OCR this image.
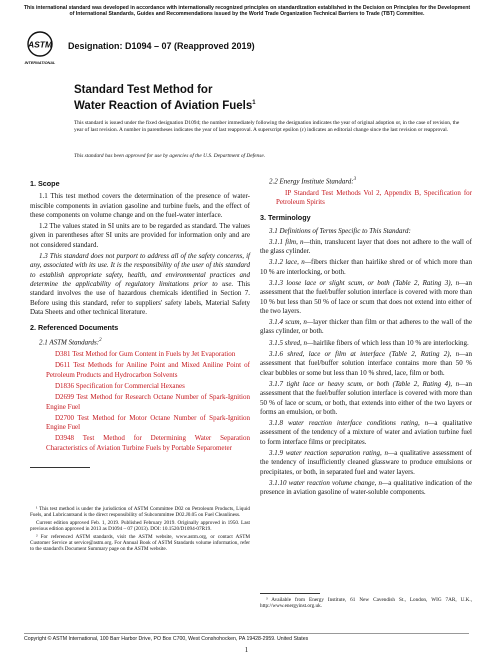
This international standard was developed in accordance with internationally recognized principles on standardization established in the Decision on Principles for the Development of International Standards, Guides and Recommendations issued by the World Trade Organization Technical Barriers to Trade (TBT) Committee.
ASTM
INTERNATIONAL
Designation: D1094 – 07 (Reapproved 2019)
Standard Test Method for
Water Reaction of Aviation Fuels$^1$
This standard is issued under the fixed designation D1094; the number immediately following the designation indicates the year of original adoption or, in the case of revision, the year of last revision. A number in parentheses indicates the year of last reapproval. A superscript epsilon (ε) indicates an editorial change since the last revision or reapproval.
This standard has been approved for use by agencies of the U.S. Department of Defense.
1. Scope

1.1 This test method covers the determination of the presence of water-miscible components in aviation gasoline and turbine fuels, and the effect of these components on volume change and on the fuel-water interface.

1.2 The values stated in SI units are to be regarded as standard. The values given in parentheses after SI units are provided for information only and are not considered standard.

1.3 This standard does not purport to address all of the safety concerns, if any, associated with its use. It is the responsibility of the user of this standard to establish appropriate safety, health, and environmental practices and determine the applicability of regulatory limitations prior to use. This standard involves the use of hazardous chemicals identified in Section 7. Before using this standard, refer to suppliers' safety labels, Material Safety Data Sheets and other technical literature.

2. Referenced Documents

2.1 ASTM Standards:$^2$

D381 Test Method for Gum Content in Fuels by Jet Evaporation

D611 Test Methods for Aniline Point and Mixed Aniline Point of Petroleum Products and Hydrocarbon Solvents

D1836 Specification for Commercial Hexanes

D2699 Test Method for Research Octane Number of Spark-Ignition Engine Fuel

D2700 Test Method for Motor Octane Number of Spark-Ignition Engine Fuel

D3948 Test Method for Determining Water Separation Characteristics of Aviation Turbine Fuels by Portable Separometer

¹ This test method is under the jurisdiction of ASTM Committee D02 on Petroleum Products, Liquid Fuels, and Lubricantsand is the direct responsibility of Subcommittee D02.J0.05 on Fuel Cleanliness.

Current edition approved Feb. 1, 2019. Published February 2019. Originally approved in 1950. Last previous edition approved in 2013 as D1094 – 07 (2013). DOI: 10.1520/D1094-07R19.

² For referenced ASTM standards, visit the ASTM website, www.astm.org, or contact ASTM Customer Service at service@astm.org. For Annual Book of ASTM Standards volume information, refer to the standard's Document Summary page on the ASTM website.

2.2 Energy Institute Standard:$^3$

IP Standard Test Methods Vol 2, Appendix B, Specification for Petroleum Spirits

3. Terminology

3.1 Definitions of Terms Specific to This Standard:

3.1.1 film, n—thin, translucent layer that does not adhere to the wall of the glass cylinder.

3.1.2 lace, n—fibers thicker than hairlike shred or of which more than 10 % are interlocking, or both.

3.1.3 loose lace or slight scum, or both (Table 2, Rating 3), n—an assessment that the fuel/buffer solution interface is covered with more than 10 % but less than 50 % of lace or scum that does not extend into either of the two layers.

3.1.4 scum, n—layer thicker than film or that adheres to the wall of the glass cylinder, or both.

3.1.5 shred, n—hairlike fibers of which less than 10 % are interlocking.

3.1.6 shred, lace or film at interface (Table 2, Rating 2), n—an assessment that fuel/buffer solution interface contains more than 50 % clear bubbles or some but less than 10 % shred, lace, film or both.

3.1.7 tight lace or heavy scum, or both (Table 2, Rating 4), n—an assessment that the fuel/buffer solution interface is covered with more than 50 % of lace or scum, or both, that extends into either of the two layers or forms an emulsion, or both.

3.1.8 water reaction interface conditions rating, n—a qualitative assessment of the tendency of a mixture of water and aviation turbine fuel to form interface films or precipitates.

3.1.9 water reaction separation rating, n—a qualitative assessment of the tendency of insufficiently cleaned glassware to produce emulsions or precipitates, or both, in separated fuel and water layers.

3.1.10 water reaction volume change, n—a qualitative indication of the presence in aviation gasoline of water-soluble components.

³ Available from Energy Institute, 61 New Cavendish St., London, WIG 7AR, U.K., http://www.energyinst.org.uk.

Copyright © ASTM International, 100 Barr Harbor Drive, PO Box C700, West Conshohocken, PA 19428-2959. United States
1
